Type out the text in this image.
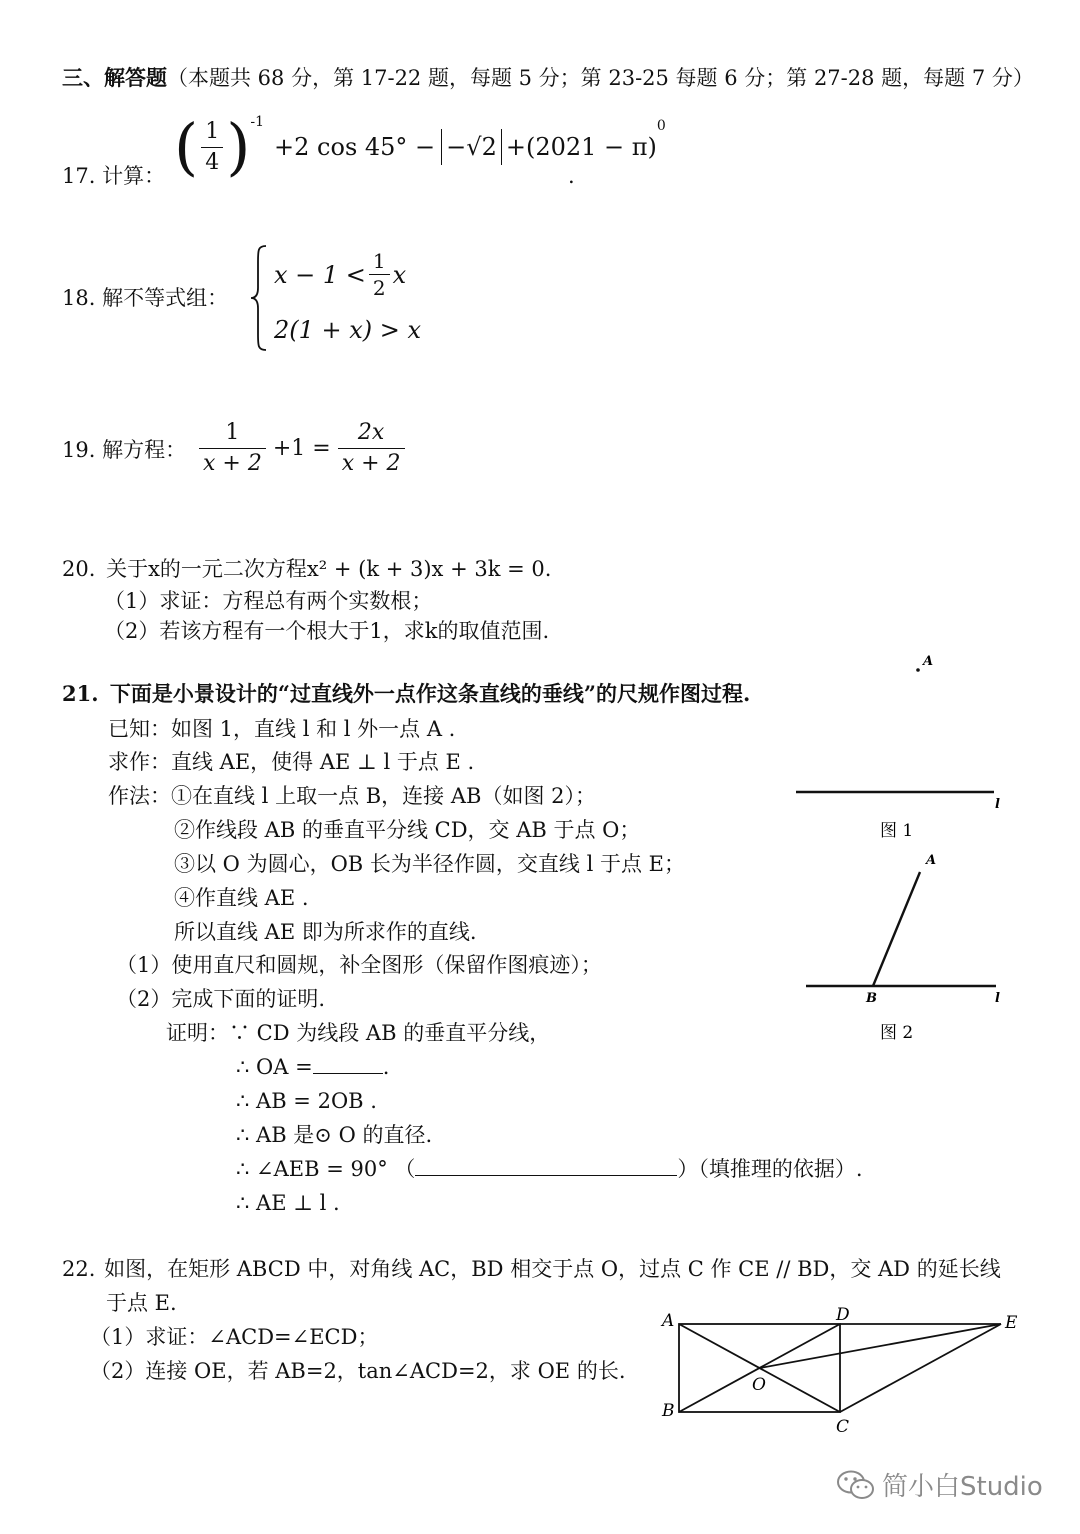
三、解答题（本题共 68 分，第 17-22 题，每题 5 分；第 23-25 每题 6 分；第 27-28 题，每题 7 分）
17. 计算： ( $\frac{1}{4} )^{-1}$
+2 cos 45° − −√2 +(2021 − π)
$^0$
.
18. 解不等式组：
$x - 1 < \frac{1}{2}$ x
2(1 + x) > x
19. 解方程： $\frac{1}{x + 2} +1 = \frac{2x}{x + 2}$
20. 关于x的一元二次方程x² + (k + 3)x + 3k = 0.
（1）求证：方程总有两个实数根；
（2）若该方程有一个根大于1，求k的取值范围.
21. 下面是小景设计的“过直线外一点作这条直线的垂线”的尺规作图过程.
已知：如图 1，直线 l 和 l 外一点 A .
求作：直线 AE，使得 AE ⊥ l 于点 E .
作法：①在直线 l 上取一点 B，连接 AB（如图 2）；
②作线段 AB 的垂直平分线 CD，交 AB 于点 O；
③以 O 为圆心，OB 长为半径作圆，交直线 l 于点 E；
④作直线 AE .
所以直线 AE 即为所求作的直线.
（1）使用直尺和圆规，补全图形（保留作图痕迹）；
（2）完成下面的证明.
证明：∵ CD 为线段 AB 的垂直平分线，
∴ OA =	.
∴ AB = 2OB .
∴ AB 是⊙ O 的直径.
∴ ∠AEB = 90° （	）（填推理的依据）.
∴ AE ⊥ l .
A
l
图 1
A
B	l
图 2
22. 如图，在矩形 ABCD 中，对角线 AC，BD 相交于点 O，过点 C 作 CE // BD，交 AD 的延长线
于点 E.
（1）求证：∠ACD=∠ECD；
（2）连接 OE，若 AB=2，tan∠ACD=2，求 OE 的长.
A
B
C
D	E
O
简小白Studio
